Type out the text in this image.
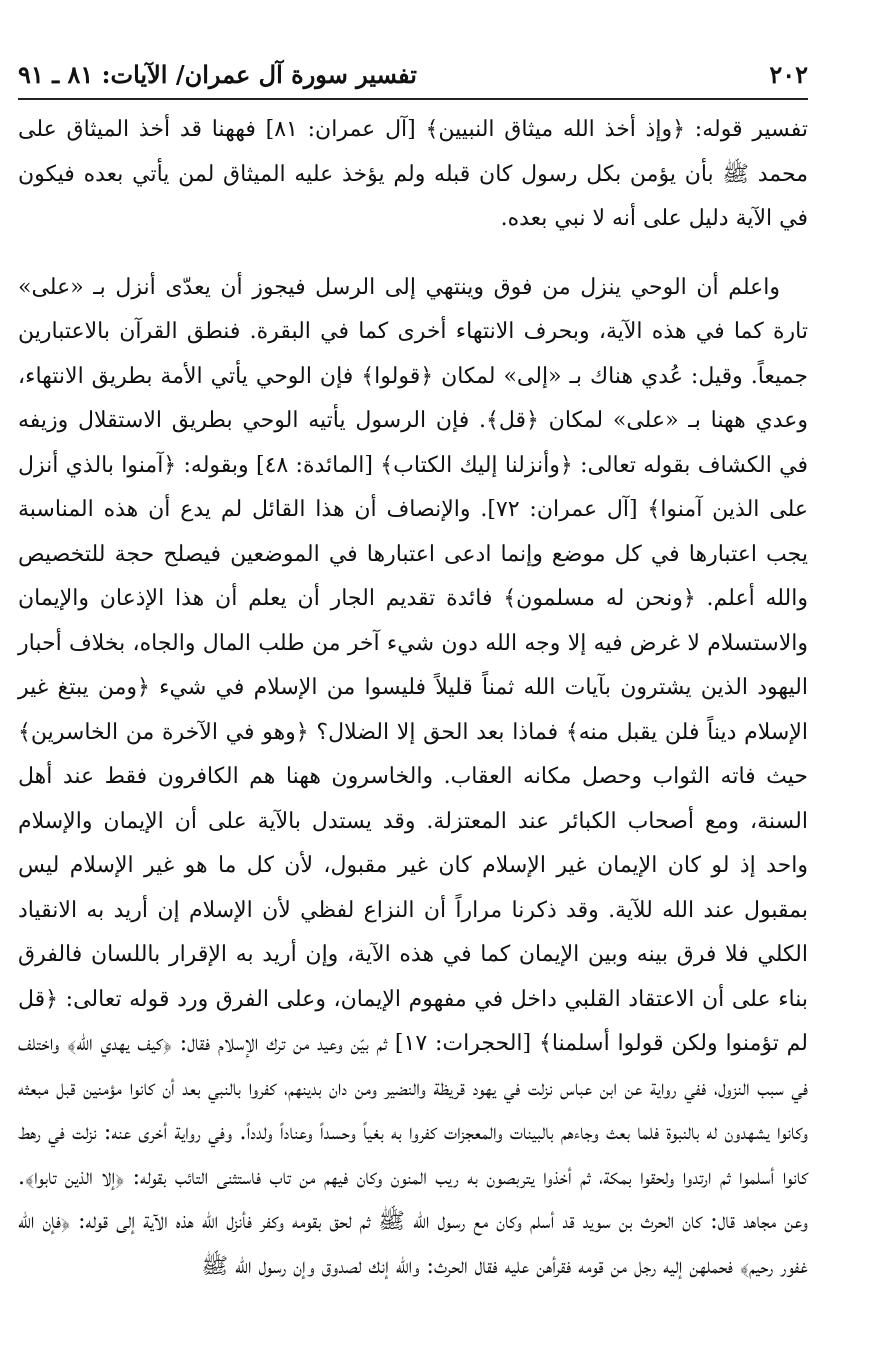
٢٠٢
تفسير سورة آل عمران/ الآيات: ٨١ ـ ٩١

تفسير قوله: ﴿وإذ أخذ الله ميثاق النبيين﴾ [آل عمران: ٨١] فههنا قد أخذ الميثاق على محمد ﷺ بأن يؤمن بكل رسول كان قبله ولم يؤخذ عليه الميثاق لمن يأتي بعده فيكون في الآية دليل على أنه لا نبي بعده.

واعلم أن الوحي ينزل من فوق وينتهي إلى الرسل فيجوز أن يعدّى أنزل بـ «على» تارة كما في هذه الآية، وبحرف الانتهاء أخرى كما في البقرة. فنطق القرآن بالاعتبارين جميعاً. وقيل: عُدي هناك بـ «إلى» لمكان ﴿قولوا﴾ فإن الوحي يأتي الأمة بطريق الانتهاء، وعدي ههنا بـ «على» لمكان ﴿قل﴾. فإن الرسول يأتيه الوحي بطريق الاستقلال وزيفه في الكشاف بقوله تعالى: ﴿وأنزلنا إليك الكتاب﴾ [المائدة: ٤٨] وبقوله: ﴿آمنوا بالذي أنزل على الذين آمنوا﴾ [آل عمران: ٧٢]. والإنصاف أن هذا القائل لم يدع أن هذه المناسبة يجب اعتبارها في كل موضع وإنما ادعى اعتبارها في الموضعين فيصلح حجة للتخصيص والله أعلم. ﴿ونحن له مسلمون﴾ فائدة تقديم الجار أن يعلم أن هذا الإذعان والإيمان والاستسلام لا غرض فيه إلا وجه الله دون شيء آخر من طلب المال والجاه، بخلاف أحبار اليهود الذين يشترون بآيات الله ثمناً قليلاً فليسوا من الإسلام في شيء ﴿ومن يبتغ غير الإسلام ديناً فلن يقبل منه﴾ فماذا بعد الحق إلا الضلال؟ ﴿وهو في الآخرة من الخاسرين﴾ حيث فاته الثواب وحصل مكانه العقاب. والخاسرون ههنا هم الكافرون فقط عند أهل السنة، ومع أصحاب الكبائر عند المعتزلة. وقد يستدل بالآية على أن الإيمان والإسلام واحد إذ لو كان الإيمان غير الإسلام كان غير مقبول، لأن كل ما هو غير الإسلام ليس بمقبول عند الله للآية. وقد ذكرنا مراراً أن النزاع لفظي لأن الإسلام إن أريد به الانقياد الكلي فلا فرق بينه وبين الإيمان كما في هذه الآية، وإن أريد به الإقرار باللسان فالفرق بناء على أن الاعتقاد القلبي داخل في مفهوم الإيمان، وعلى الفرق ورد قوله تعالى: ﴿قل لم تؤمنوا ولكن قولوا أسلمنا﴾ [الحجرات: ١٧] ثم بيّن وعيد من ترك الإسلام فقال: ﴿كيف يهدي الله﴾ واختلف في سبب النزول، ففي رواية عن ابن عباس نزلت في يهود قريظة والنضير ومن دان بدينهم، كفروا بالنبي بعد أن كانوا مؤمنين قبل مبعثه وكانوا يشهدون له بالنبوة فلما بعث وجاءهم بالبينات والمعجزات كفروا به بغياً وحسداً وعناداً ولدداً. وفي رواية أخرى عنه: نزلت في رهط كانوا أسلموا ثم ارتدوا ولحقوا بمكة، ثم أخذوا يتربصون به ريب المنون وكان فيهم من تاب فاستثنى التائب بقوله: ﴿إلا الذين تابوا﴾. وعن مجاهد قال: كان الحرث بن سويد قد أسلم وكان مع رسول الله ﷺ ثم لحق بقومه وكفر فأنزل الله هذه الآية إلى قوله: ﴿فإن الله غفور رحيم﴾ فحملهن إليه رجل من قومه فقرأهن عليه فقال الحرث: والله إنك لصدوق وإن رسول الله ﷺ
